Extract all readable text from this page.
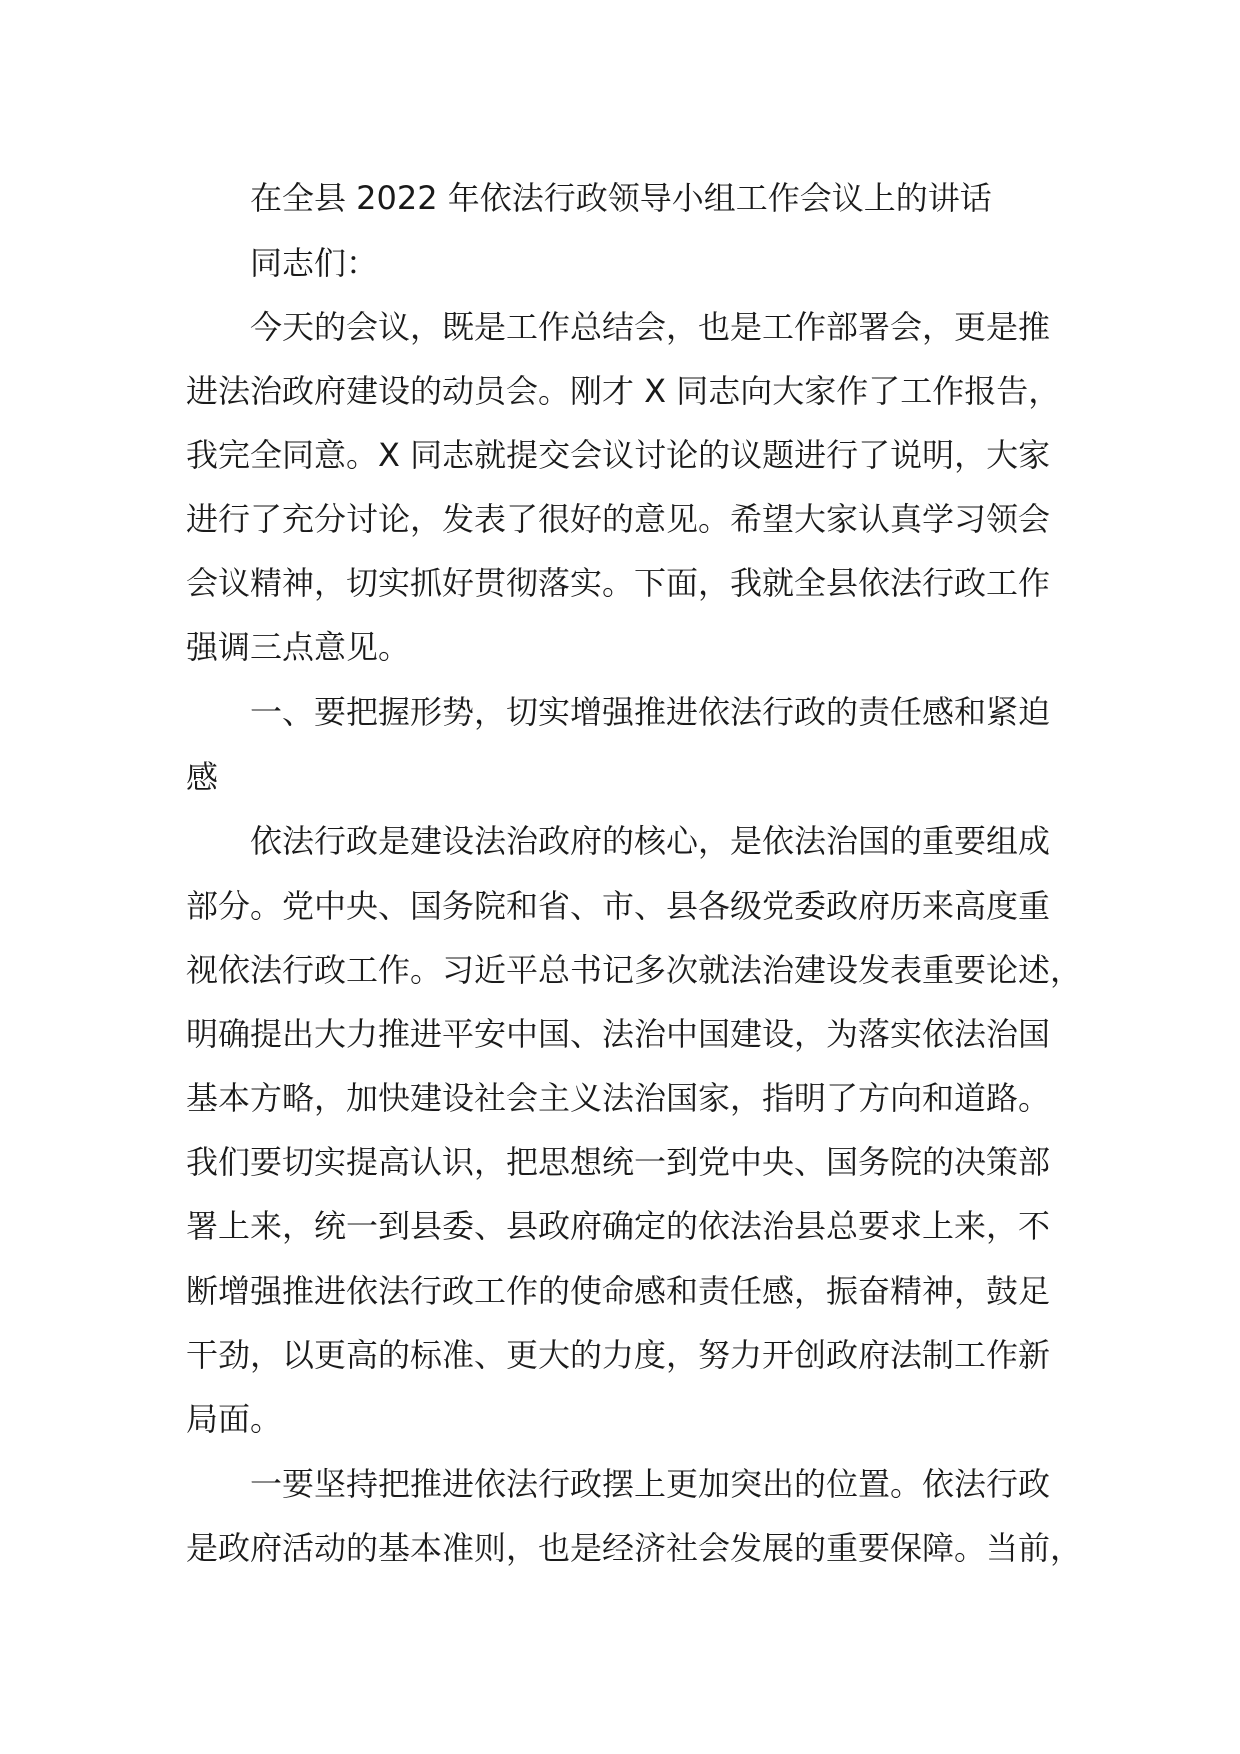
在全县 2022 年依法行政领导小组工作会议上的讲话
同志们：
今天的会议，既是工作总结会，也是工作部署会，更是推
进法治政府建设的动员会。刚才 X 同志向大家作了工作报告，
我完全同意。X 同志就提交会议讨论的议题进行了说明，大家
进行了充分讨论，发表了很好的意见。希望大家认真学习领会
会议精神，切实抓好贯彻落实。下面，我就全县依法行政工作
强调三点意见。
一、要把握形势，切实增强推进依法行政的责任感和紧迫
感
依法行政是建设法治政府的核心，是依法治国的重要组成
部分。党中央、国务院和省、市、县各级党委政府历来高度重
视依法行政工作。习近平总书记多次就法治建设发表重要论述，
明确提出大力推进平安中国、法治中国建设，为落实依法治国
基本方略，加快建设社会主义法治国家，指明了方向和道路。
我们要切实提高认识，把思想统一到党中央、国务院的决策部
署上来，统一到县委、县政府确定的依法治县总要求上来，不
断增强推进依法行政工作的使命感和责任感，振奋精神，鼓足
干劲，以更高的标准、更大的力度，努力开创政府法制工作新
局面。
一要坚持把推进依法行政摆上更加突出的位置。依法行政
是政府活动的基本准则，也是经济社会发展的重要保障。当前，
